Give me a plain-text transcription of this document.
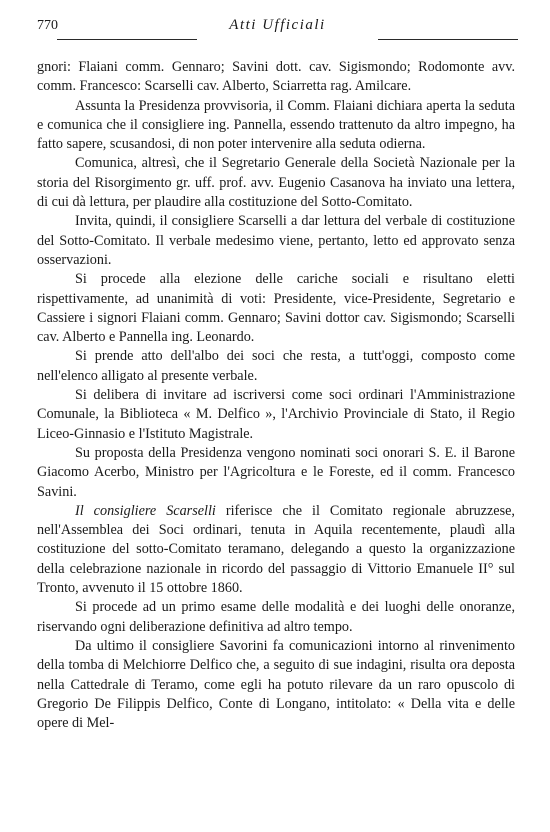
770	Atti Ufficiali

gnori: Flaiani comm. Gennaro; Savini dott. cav. Sigismondo; Rodomonte avv. comm. Francesco: Scarselli cav. Alberto, Sciarretta rag. Amilcare.

Assunta la Presidenza provvisoria, il Comm. Flaiani dichiara aperta la seduta e comunica che il consigliere ing. Pannella, essendo trattenuto da altro impegno, ha fatto sapere, scusandosi, di non poter intervenire alla seduta odierna.

Comunica, altresì, che il Segretario Generale della Società Nazionale per la storia del Risorgimento gr. uff. prof. avv. Eugenio Casanova ha inviato una lettera, di cui dà lettura, per plaudire alla costituzione del Sotto-Comitato.

Invita, quindi, il consigliere Scarselli a dar lettura del verbale di costituzione del Sotto-Comitato. Il verbale medesimo viene, pertanto, letto ed approvato senza osservazioni.

Si procede alla elezione delle cariche sociali e risultano eletti rispettivamente, ad unanimità di voti: Presidente, vice-Presidente, Segretario e Cassiere i signori Flaiani comm. Gennaro; Savini dottor cav. Sigismondo; Scarselli cav. Alberto e Pannella ing. Leonardo.

Si prende atto dell'albo dei soci che resta, a tutt'oggi, composto come nell'elenco alligato al presente verbale.

Si delibera di invitare ad iscriversi come soci ordinari l'Amministrazione Comunale, la Biblioteca « M. Delfico », l'Archivio Provinciale di Stato, il Regio Liceo-Ginnasio e l'Istituto Magistrale.

Su proposta della Presidenza vengono nominati soci onorari S. E. il Barone Giacomo Acerbo, Ministro per l'Agricoltura e le Foreste, ed il comm. Francesco Savini.

Il consigliere Scarselli riferisce che il Comitato regionale abruzzese, nell'Assemblea dei Soci ordinari, tenuta in Aquila recentemente, plaudì alla costituzione del sotto-Comitato teramano, delegando a questo la organizzazione della celebrazione nazionale in ricordo del passaggio di Vittorio Emanuele II° sul Tronto, avvenuto il 15 ottobre 1860.

Si procede ad un primo esame delle modalità e dei luoghi delle onoranze, riservando ogni deliberazione definitiva ad altro tempo.

Da ultimo il consigliere Savorini fa comunicazioni intorno al rinvenimento della tomba di Melchiorre Delfico che, a seguito di sue indagini, risulta ora deposta nella Cattedrale di Teramo, come egli ha potuto rilevare da un raro opuscolo di Gregorio De Filippis Delfico, Conte di Longano, intitolato: « Della vita e delle opere di Mel-
